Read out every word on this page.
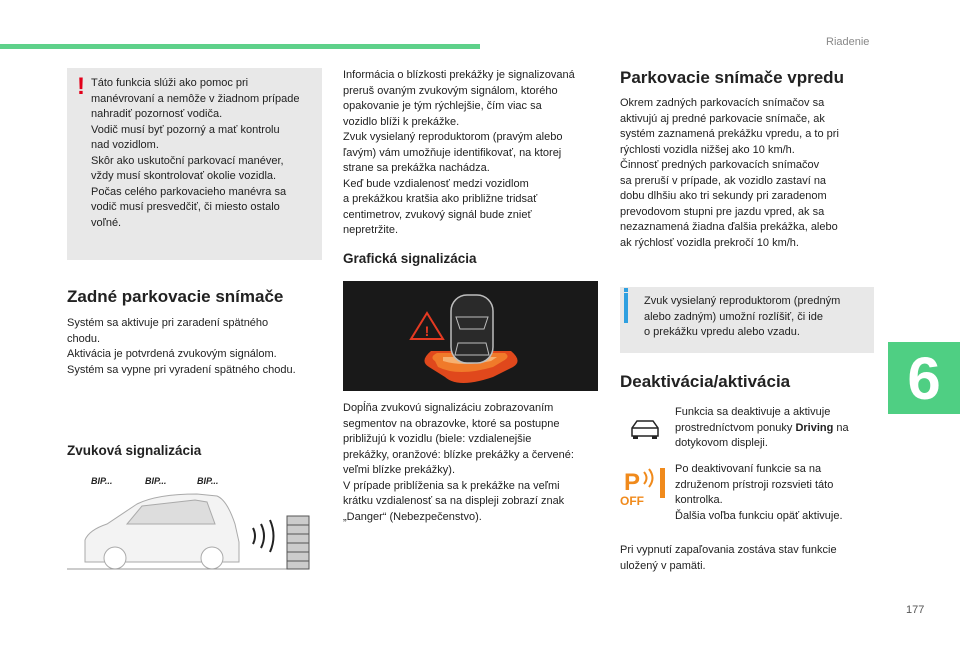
Riadenie
177
6
! Táto funkcia slúži ako pomoc pri
manévrovaní a nemôže v žiadnom prípade
nahradiť pozornosť vodiča.
Vodič musí byť pozorný a mať kontrolu
nad vozidlom.
Skôr ako uskutoční parkovací manéver,
vždy musí skontrolovať okolie vozidla.
Počas celého parkovacieho manévra sa
vodič musí presvedčiť, či miesto ostalo
voľné.
Zadné parkovacie snímače
Systém sa aktivuje pri zaradení spätného
chodu.
Aktivácia je potvrdená zvukovým signálom.
Systém sa vypne pri vyradení spätného chodu.
Zvuková signalizácia
BIP...	BIP...	BIP...
Informácia o blízkosti prekážky je signalizovaná
preruš ovaným zvukovým signálom, ktorého
opakovanie je tým rýchlejšie, čím viac sa
vozidlo blíži k prekážke.
Zvuk vysielaný reproduktorom (pravým alebo
ľavým) vám umožňuje identifikovať, na ktorej
strane sa prekážka nachádza.
Keď bude vzdialenosť medzi vozidlom
a prekážkou kratšia ako približne tridsať
centimetrov, zvukový signál bude znieť
nepretržite.
Grafická signalizácia
!
Dopĺňa zvukovú signalizáciu zobrazovaním
segmentov na obrazovke, ktoré sa postupne
približujú k vozidlu (biele: vzdialenejšie
prekážky, oranžové: blízke prekážky a červené:
veľmi blízke prekážky).
V prípade priblíženia sa k prekážke na veľmi
krátku vzdialenosť sa na displeji zobrazí znak
„Danger“ (Nebezpečenstvo).
Parkovacie snímače vpredu
Okrem zadných parkovacích snímačov sa
aktivujú aj predné parkovacie snímače, ak
systém zaznamená prekážku vpredu, a to pri
rýchlosti vozidla nižšej ako 10 km/h.
Činnosť predných parkovacích snímačov
sa preruší v prípade, ak vozidlo zastaví na
dobu dlhšiu ako tri sekundy pri zaradenom
prevodovom stupni pre jazdu vpred, ak sa
nezaznamená žiadna ďalšia prekážka, alebo
ak rýchlosť vozidla prekročí 10 km/h.
Zvuk vysielaný reproduktorom (predným
alebo zadným) umožní rozlíšiť, či ide
o prekážku vpredu alebo vzadu.
Deaktivácia/aktivácia
Funkcia sa deaktivuje a aktivuje
prostredníctvom ponuky Driving na
dotykovom displeji.
P
OFF
Po deaktivovaní funkcie sa na
združenom prístroji rozsvieti táto
kontrolka.
Ďalšia voľba funkciu opäť aktivuje.
Pri vypnutí zapaľovania zostáva stav funkcie
uložený v pamäti.
